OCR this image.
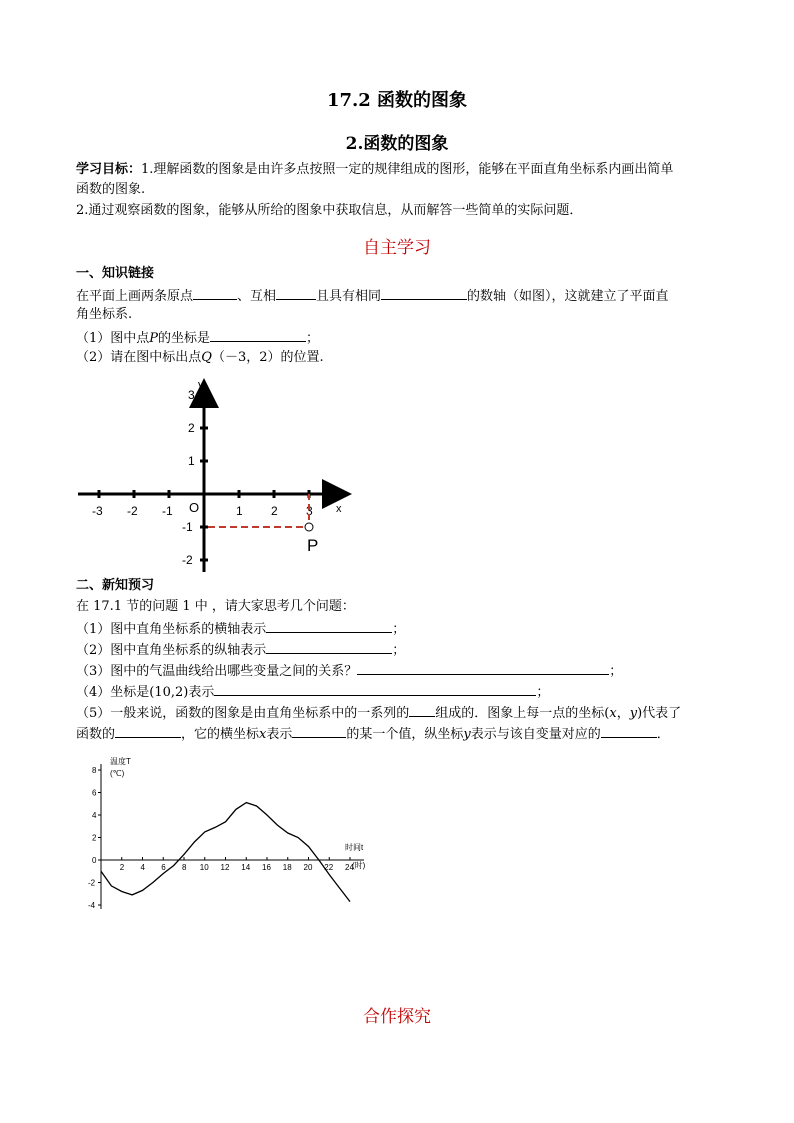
17.2 函数的图象
2.函数的图象
学习目标：1.理解函数的图象是由许多点按照一定的规律组成的图形，能够在平面直角坐标系内画出简单
函数的图象.
2.通过观察函数的图象，能够从所给的图象中获取信息，从而解答一些简单的实际问题．
自主学习
一、知识链接
在平面上画两条原点	、互相	且具有相同	的数轴（如图），这就建立了平面直
角坐标系.
（1）图中点P的坐标是	；
（2）请在图中标出点Q（－3，2）的位置.
-3 -2 -1	1 2 3
3
2
1
-1
-2
P
y
x
O
二、新知预习
在 17.1 节的问题 1 中 ，请大家思考几个问题：
（1）图中直角坐标系的横轴表示	；
（2）图中直角坐标系的纵轴表示	；
（3）图中的气温曲线给出哪些变量之间的关系？	；
（4）坐标是(10,2)表示	；
（5）一般来说，函数的图象是由直角坐标系中的一系列的 组成的．图象上每一点的坐标(x，y)代表了
函数的	，它的横坐标x表示	的某一个值，纵坐标y表示与该自变量对应的	．
8
6
4
2
0
-2
-4
2 4 6 8 10 12 14 16 18 20 22 24
温度T
(℃)
时间t
(时)
合作探究
